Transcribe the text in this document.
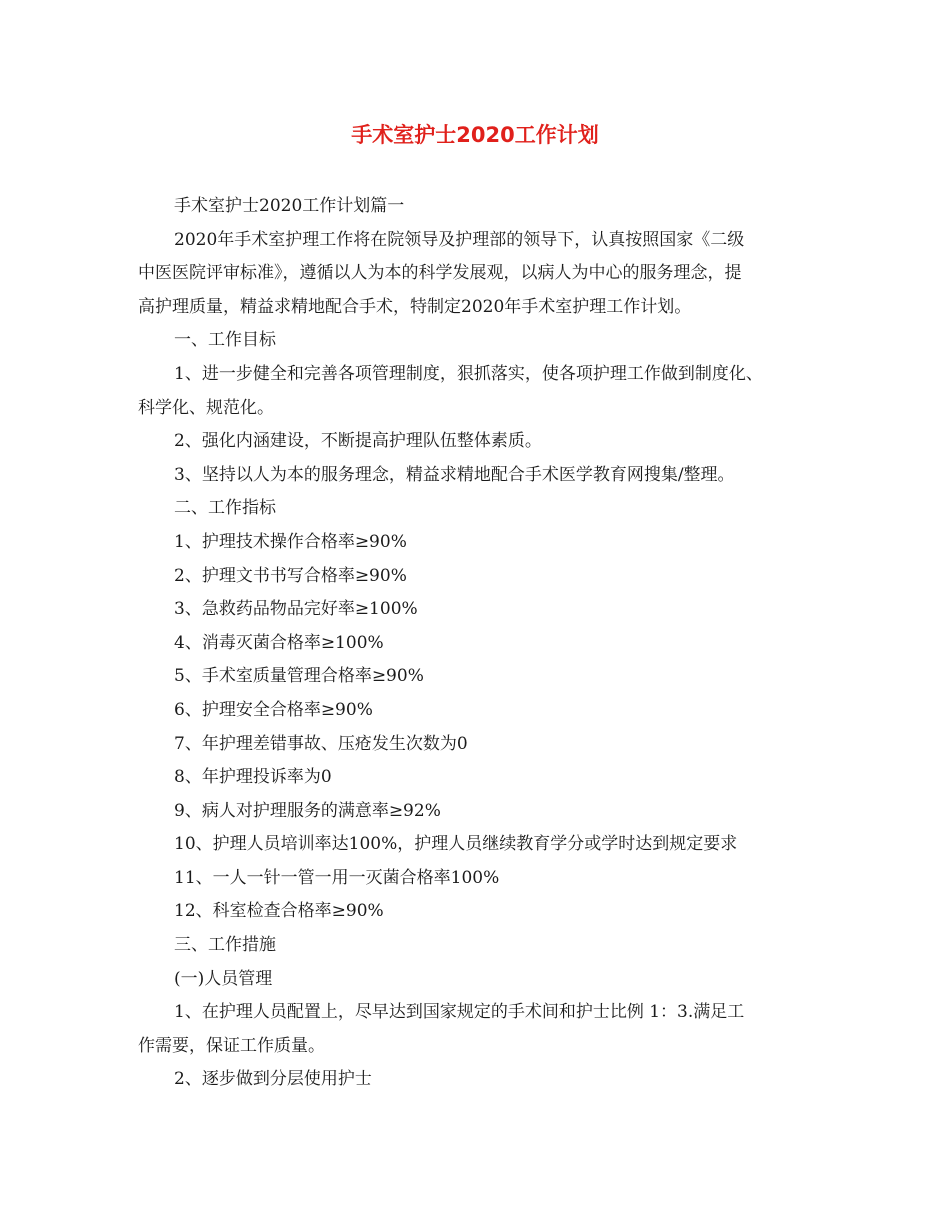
手术室护士2020工作计划
手术室护士2020工作计划篇一
2020年手术室护理工作将在院领导及护理部的领导下，认真按照国家《二级
中医医院评审标准》，遵循以人为本的科学发展观，以病人为中心的服务理念，提
高护理质量，精益求精地配合手术，特制定2020年手术室护理工作计划。
一、工作目标
1、进一步健全和完善各项管理制度，狠抓落实，使各项护理工作做到制度化、
科学化、规范化。
2、强化内涵建设，不断提高护理队伍整体素质。
3、坚持以人为本的服务理念，精益求精地配合手术医学教育网搜集/整理。
二、工作指标
1、护理技术操作合格率≥90%
2、护理文书书写合格率≥90%
3、急救药品物品完好率≥100%
4、消毒灭菌合格率≥100%
5、手术室质量管理合格率≥90%
6、护理安全合格率≥90%
7、年护理差错事故、压疮发生次数为0
8、年护理投诉率为0
9、病人对护理服务的满意率≥92%
10、护理人员培训率达100%，护理人员继续教育学分或学时达到规定要求
11、一人一针一管一用一灭菌合格率100%
12、科室检查合格率≥90%
三、工作措施
(一)人员管理
1、在护理人员配置上，尽早达到国家规定的手术间和护士比例 1：3.满足工
作需要，保证工作质量。
2、逐步做到分层使用护士
